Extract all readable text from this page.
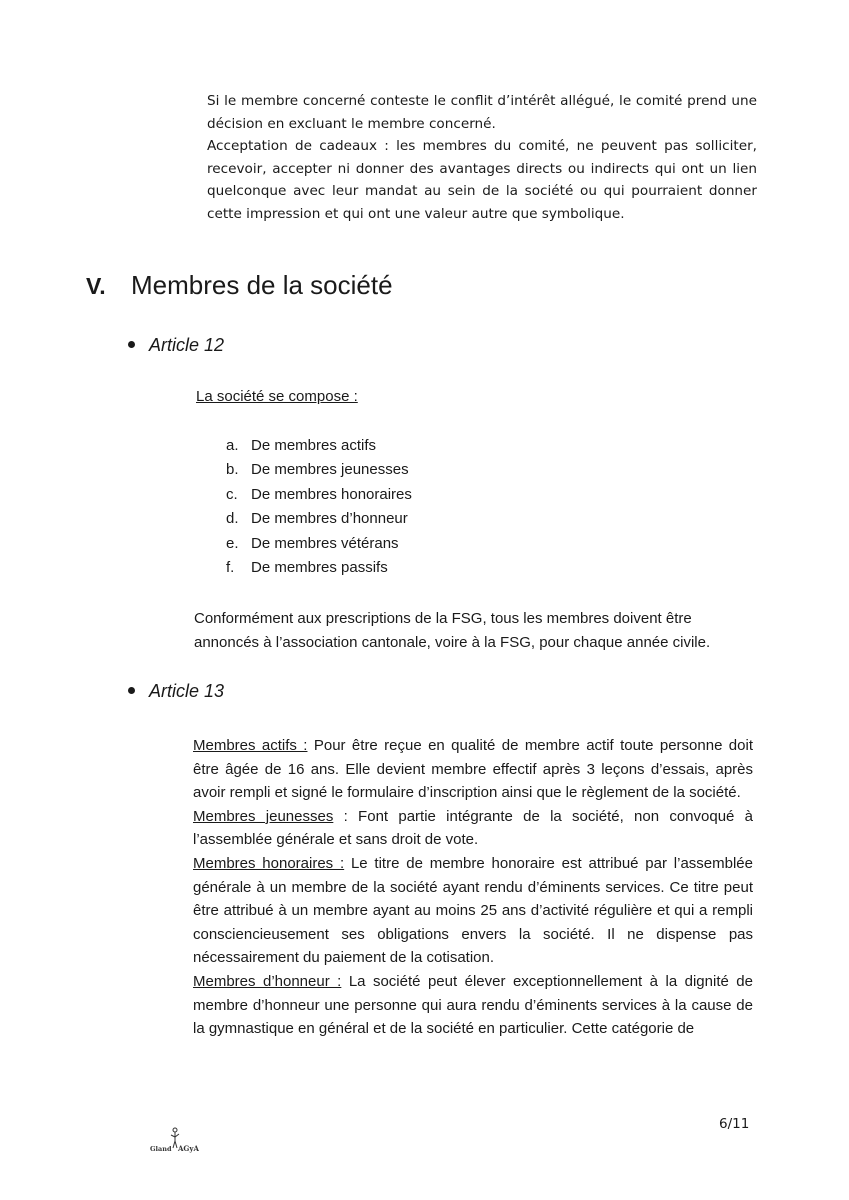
Si le membre concerné conteste le conflit d’intérêt allégué, le comité prend une décision en excluant le membre concerné.

Acceptation de cadeaux : les membres du comité, ne peuvent pas solliciter, recevoir, accepter ni donner des avantages directs ou indirects qui ont un lien quelconque avec leur mandat au sein de la société ou qui pourraient donner cette impression et qui ont une valeur autre que symbolique.

V. Membres de la société
Article 12
La société se compose :
a. De membres actifs
b. De membres jeunesses
c. De membres honoraires
d. De membres d’honneur
e. De membres vétérans
f. De membres passifs

Conformément aux prescriptions de la FSG, tous les membres doivent être annoncés à l’association cantonale, voire à la FSG, pour chaque année civile.

Article 13

Membres actifs : Pour être reçue en qualité de membre actif toute personne doit être âgée de 16 ans. Elle devient membre effectif après 3 leçons d’essais, après avoir rempli et signé le formulaire d’inscription ainsi que le règlement de la société.

Membres jeunesses : Font partie intégrante de la société, non convoqué à l’assemblée générale et sans droit de vote.

Membres honoraires : Le titre de membre honoraire est attribué par l’assemblée générale à un membre de la société ayant rendu d’éminents services. Ce titre peut être attribué à un membre ayant au moins 25 ans d’activité régulière et qui a rempli consciencieusement ses obligations envers la société. Il ne dispense pas nécessairement du paiement de la cotisation.

Membres d’honneur : La société peut élever exceptionnellement à la dignité de membre d’honneur une personne qui aura rendu d’éminents services à la cause de la gymnastique en général et de la société en particulier. Cette catégorie de

6/11
Gland AGyA
